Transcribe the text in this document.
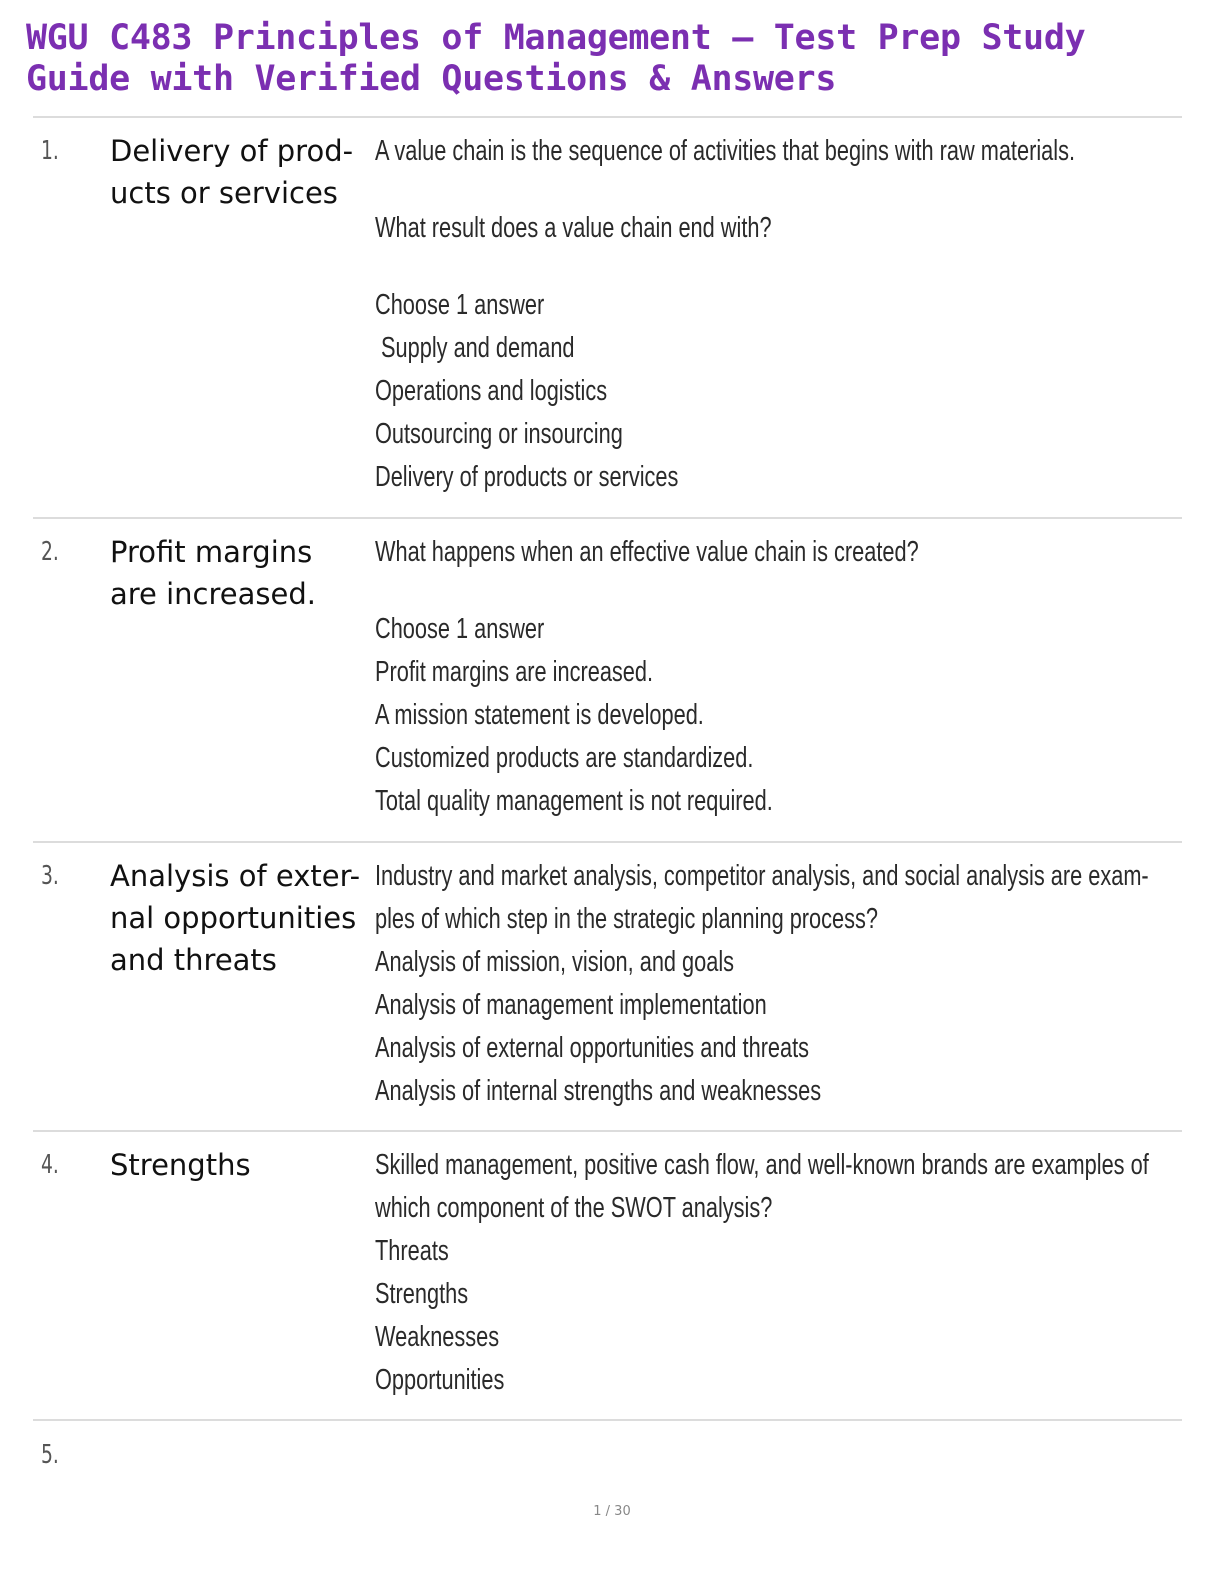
WGU C483 Principles of Management – Test Prep Study
Guide with Verified Questions & Answers
1. Delivery of prod- ucts or services

A value chain is the sequence of activities that begins with raw materials.
What result does a value chain end with?
Choose 1 answer
Supply and demand
Operations and logistics
Outsourcing or insourcing
Delivery of products or services
2. Profit margins are increased.

What happens when an effective value chain is created?
Choose 1 answer
Profit margins are increased.
A mission statement is developed.
Customized products are standardized.
Total quality management is not required.
3. Analysis of exter- nal opportunities and threats

Industry and market analysis, competitor analysis, and social analysis are exam-
ples of which step in the strategic planning process?
Analysis of mission, vision, and goals
Analysis of management implementation
Analysis of external opportunities and threats
Analysis of internal strengths and weaknesses
4. Strengths	Skilled management, positive cash flow, and well-known brands are examples of
which component of the SWOT analysis?
Threats
Strengths
Weaknesses
Opportunities
5.
1 / 30
